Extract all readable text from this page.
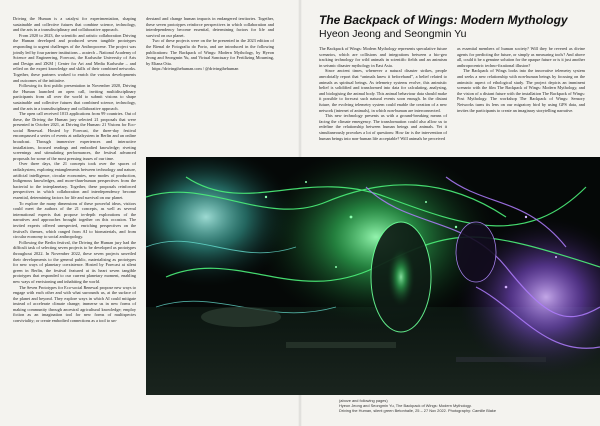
Driving the Human is a catalyst for experimentation, shaping sustainable and collective futures that combine science, technology, and the arts in a transdisciplinary and collaborative approach.

From 2020 to 2023, the scientific and artistic collaboration Driving the Human developed and produced seven tangible prototypes responding to urgent challenges of the Anthropocene. The project was jointly led by four partner institutions – acatech – National Academy of Science and Engineering, Forecast, the Karlsruhe University of Arts and Design and ZKM | Center for Art and Media Karlsruhe – and relied on the expert knowledge and skills of their combined networks. Together, these partners worked to enrich the various developments and outcomes of the initiative.

Following its first public presentation in November 2020, Driving the Human launched an open call, inviting multidisciplinary participants from all over the world to submit visions to shape sustainable and collective futures that combined science, technology, and the arts in a transdisciplinary and collaborative approach.

The open call received 1013 applications from 99 countries. Out of these, the Driving the Human jury selected 21 proposals that were presented in October 2021, at Driving the Human: 21 Visions for Eco-social Renewal. Hosted by Forecast, the three-day festival encompassed a series of events at radialsystem in Berlin and an online broadcast. Through immersive experiences and interactive installations, focused readings and embodied knowledge; riveting screenings and stimulating performances, the festival advanced proposals for some of the most pressing issues of our time.

Over three days, the 21 concepts took over the spaces of radialsystem, exploring entanglements between technology and nature, artificial intelligence, circular economies, new modes of production, Indigenous knowledges, and more-than-human perspectives from the bacterial to the interplanetary. Together, these proposals reinforced perspectives in which collaboration and interdependency become essential, determining factors for life and survival on our planet.

To explore the many dimensions of these powerful ideas, visitors could meet the authors of the 21 concepts, as well as several international experts that propose in-depth explorations of the narratives and approaches brought together on this occasion. The invited experts offered unexpected, enriching perspectives on the festival's themes, which ranged from AI to biomaterials, and from circular economy to social anthropology.

Following the Berlin festival, the Driving the Human jury had the difficult task of selecting seven projects to be developed as prototypes throughout 2022. In November 2022, these seven projects unveiled their developments to the general public, materialising as prototypes for new ways of planetary coexistence. Hosted by Forecast at silent green in Berlin, the festival featured at its heart seven tangible prototypes that responded to our current planetary moment, enabling new ways of envisioning and inhabiting the world.

The Seven Prototypes for Eco-social Renewal propose new ways to engage with each other and with what surrounds us, at the surface of the planet and beyond. They explore ways in which AI could mitigate instead of accelerate climate change; immerse us in new forms of making community through ancestral agricultural knowledge; employ fiction as an imagination tool for new forms of multispecies conviviality; or create embodied connections as a tool to un-

derstand and change human impacts in endangered territories. Together, these seven prototypes reinforce perspectives in which collaboration and interdependency become essential, determining factors for life and survival on our planet.

Two of these projects were on the be presented in the 2023 edition of the Bienal de Fotografia do Porto, and are introduced in the following publications: The Backpack of Wings: Modern Mythology, by Hyeon Jeong and Seongmin Yu, and Virtual Sanctuary for Fertilizing Mourning, by Eliana Otta.

https://drivingthehuman.com / @drivingthehuman

The Backpack of Wings: Modern Mythology
Hyeon Jeong and Seongmin Yu

The Backpack of Wings: Modern Mythology represents speculative future scenarios, which are collisions and integrations between a bio-geo tracking technology for wild animals in scientific fields and an animism in seismic disaster mythology in East Asia.

Since ancient times, whenever a natural disaster strikes, people anecdotally report that “animals knew it beforehand”, a belief related to animals as spiritual beings. As telemetry systems evolve, this animistic belief is solidified and transformed into data for calculating, analysing, and biologising the animal body. This animal behaviour data should make it possible to forecast such natural events soon enough. In the distant future, the evolving telemetry system could enable the creation of a new network (internet of animals), in which non-human are interconnected.

This new technology presents us with a ground-breaking means of facing the climate emergency. The transformation could also allow us to redefine the relationship between human beings and animals. Yet it simultaneously provokes a lot of questions: How far is the intervention of human beings into non-human life acceptable? Will animals be perceived

as essential members of human society? Will they be revered as divine agents for predicting the future, or simply as measuring tools? And above all, could it be a genuine solution for the opaque future or is it just another anthropocentric techno-fixational illusion?

The Backpack of Wings looks into the innovative telemetry system and seeks a new relationship with non-human beings by focusing on the animistic aspect of ethological study. The project depicts an imminent scenario with the film The Backpack of Wings: Modern Mythology, and the vision of a distant future with the installation The Backpack of Wings: Post Mythology. The workshop The Backpack of Wings: Sensory Networks turns its lens on our migratory bird by using GPS data, and invites the participants to create an imaginary storytelling narrative.

(above and following pages)
Hyeon Jeong and Seongmin Yu, The Backpack of Wings: Modern Mythology.
Driving the Human, silent green Betonhalle, 25 – 27 Nov 2022. Photography: Camille Blake
